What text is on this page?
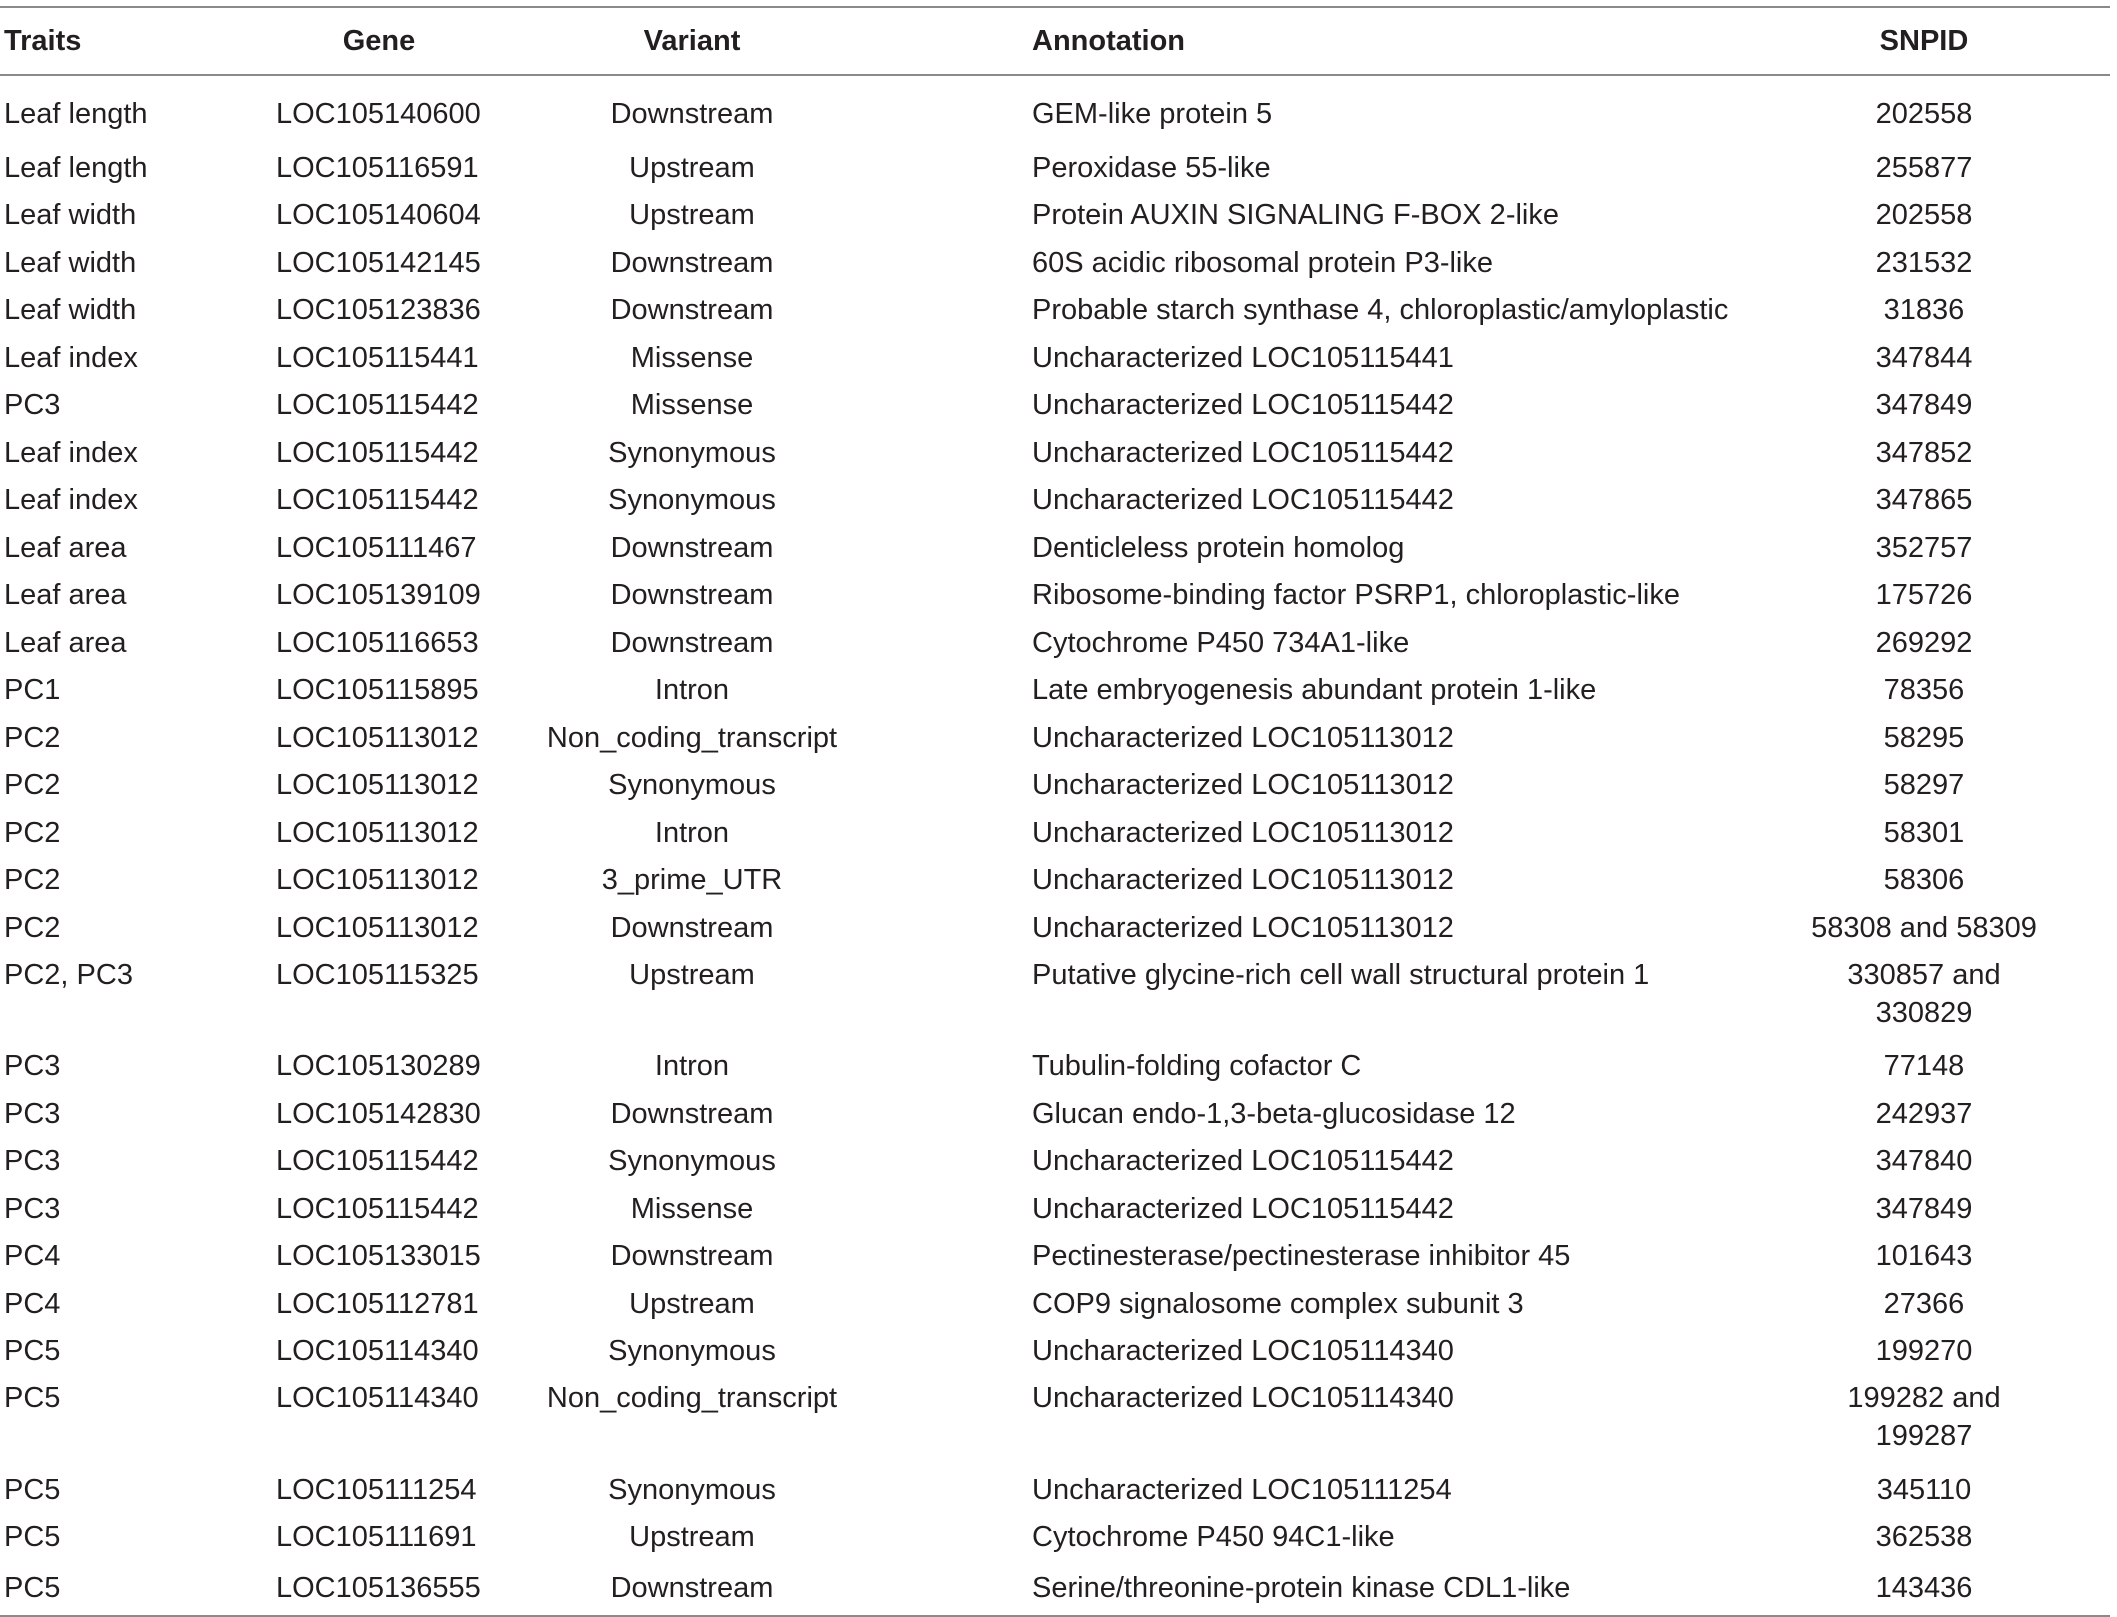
Traits	Gene	Variant	Annotation	SNPID
Leaf length	LOC105140600	Downstream	GEM-like protein 5	202558
Leaf length	LOC105116591	Upstream	Peroxidase 55-like	255877
Leaf width	LOC105140604	Upstream	Protein AUXIN SIGNALING F-BOX 2-like	202558
Leaf width	LOC105142145	Downstream	60S acidic ribosomal protein P3-like	231532
Leaf width	LOC105123836	Downstream	Probable starch synthase 4, chloroplastic/amyloplastic	31836
Leaf index	LOC105115441	Missense	Uncharacterized LOC105115441	347844
PC3	LOC105115442	Missense	Uncharacterized LOC105115442	347849
Leaf index	LOC105115442	Synonymous	Uncharacterized LOC105115442	347852
Leaf index	LOC105115442	Synonymous	Uncharacterized LOC105115442	347865
Leaf area	LOC105111467	Downstream	Denticleless protein homolog	352757
Leaf area	LOC105139109	Downstream	Ribosome-binding factor PSRP1, chloroplastic-like	175726
Leaf area	LOC105116653	Downstream	Cytochrome P450 734A1-like	269292
PC1	LOC105115895	Intron	Late embryogenesis abundant protein 1-like	78356
PC2	LOC105113012	Non_coding_transcript	Uncharacterized LOC105113012	58295
PC2	LOC105113012	Synonymous	Uncharacterized LOC105113012	58297
PC2	LOC105113012	Intron	Uncharacterized LOC105113012	58301
PC2	LOC105113012	3_prime_UTR	Uncharacterized LOC105113012	58306
PC2	LOC105113012	Downstream	Uncharacterized LOC105113012	58308 and 58309
PC2, PC3	LOC105115325	Upstream	Putative glycine-rich cell wall structural protein 1	330857 and
330829
PC3	LOC105130289	Intron	Tubulin-folding cofactor C	77148
PC3	LOC105142830	Downstream	Glucan endo-1,3-beta-glucosidase 12	242937
PC3	LOC105115442	Synonymous	Uncharacterized LOC105115442	347840
PC3	LOC105115442	Missense	Uncharacterized LOC105115442	347849
PC4	LOC105133015	Downstream	Pectinesterase/pectinesterase inhibitor 45	101643
PC4	LOC105112781	Upstream	COP9 signalosome complex subunit 3	27366
PC5	LOC105114340	Synonymous	Uncharacterized LOC105114340	199270
PC5	LOC105114340	Non_coding_transcript	Uncharacterized LOC105114340	199282 and
199287
PC5	LOC105111254	Synonymous	Uncharacterized LOC105111254	345110
PC5	LOC105111691	Upstream	Cytochrome P450 94C1-like	362538
PC5	LOC105136555	Downstream	Serine/threonine-protein kinase CDL1-like	143436
